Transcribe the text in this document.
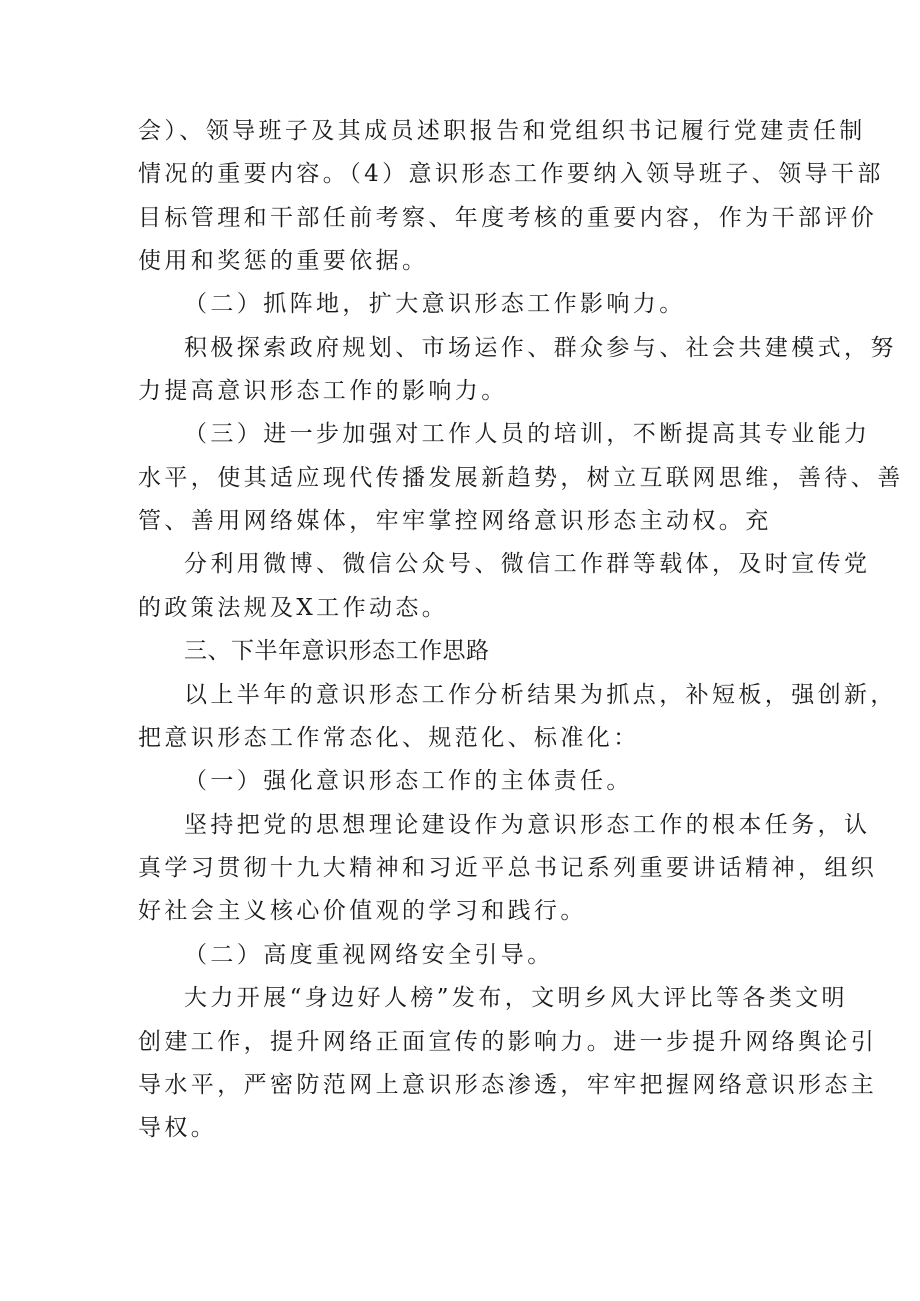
会）、领导班子及其成员述职报告和党组织书记履行党建责任制
情况的重要内容。（4）意识形态工作要纳入领导班子、领导干部
目标管理和干部任前考察、年度考核的重要内容，作为干部评价
使用和奖惩的重要依据。
（二）抓阵地，扩大意识形态工作影响力。
积极探索政府规划、市场运作、群众参与、社会共建模式，努
力提高意识形态工作的影响力。
（三）进一步加强对工作人员的培训，不断提高其专业能力
水平，使其适应现代传播发展新趋势，树立互联网思维，善待、善
管、善用网络媒体，牢牢掌控网络意识形态主动权。充
分利用微博、微信公众号、微信工作群等载体，及时宣传党
的政策法规及X工作动态。
三、下半年意识形态工作思路
以上半年的意识形态工作分析结果为抓点，补短板，强创新，
把意识形态工作常态化、规范化、标准化：
（一）强化意识形态工作的主体责任。
坚持把党的思想理论建设作为意识形态工作的根本任务，认
真学习贯彻十九大精神和习近平总书记系列重要讲话精神，组织
好社会主义核心价值观的学习和践行。
（二）高度重视网络安全引导。
大力开展“身边好人榜”发布，文明乡风大评比等各类文明
创建工作，提升网络正面宣传的影响力。进一步提升网络舆论引
导水平，严密防范网上意识形态渗透，牢牢把握网络意识形态主
导权。
